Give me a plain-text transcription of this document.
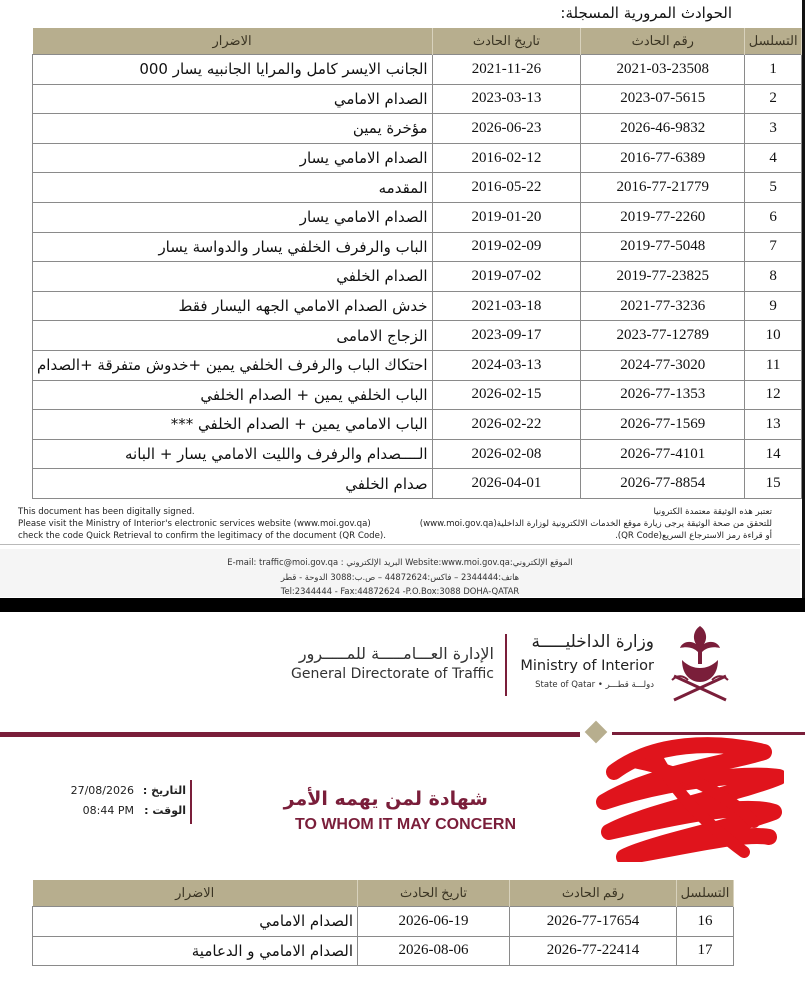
الحوادث المرورية المسجلة:
الاضرار	تاريخ الحادث	رقم الحادث	التسلسل
الجانب الايسر كامل والمرايا الجانبيه يسار 000	2021-11-26	2021-03-23508	1
الصدام الامامي	2023-03-13	2023-07-5615	2
مؤخرة يمين	2026-06-23	2026-46-9832	3
الصدام الامامي يسار	2016-02-12	2016-77-6389	4
المقدمه	2016-05-22	2016-77-21779	5
الصدام الامامي يسار	2019-01-20	2019-77-2260	6
الباب والرفرف الخلفي يسار والدواسة يسار	2019-02-09	2019-77-5048	7
الصدام الخلفي	2019-07-02	2019-77-23825	8
خدش الصدام الامامي الجهه اليسار فقط	2021-03-18	2021-77-3236	9
الزجاج الامامى	2023-09-17	2023-77-12789	10
احتكاك الباب والرفرف الخلفي يمين +خدوش متفرقة +الصدام	2024-03-13	2024-77-3020	11
الباب الخلفي يمين + الصدام الخلفي	2026-02-15	2026-77-1353	12
الباب الامامي يمين + الصدام الخلفي ***	2026-02-22	2026-77-1569	13
الــــصدام والرفرف والليت الامامي يسار + البانه	2026-02-08	2026-77-4101	14
صدام الخلفي	2026-04-01	2026-77-8854	15
This document has been digitally signed.
Please visit the Ministry of Interior's electronic services website (www.moi.gov.qa)
check the code Quick Retrieval to confirm the legitimacy of the document (QR Code).
تعتبر هذه الوثيقة معتمدة الكترونيا
للتحقق من صحة الوثيقة يرجى زيارة موقع الخدمات الالكترونية لوزارة الداخلية(www.moi.gov.qa)
أو قراءة رمز الاسترجاع السريع(QR Code).
E-mail: traffic@moi.gov.qa : البريد الإلكتروني Website:www.moi.gov.qa:الموقع الإلكتروني
هاتف:2344444 – فاكس:44872624 – ص.ب:3088 الدوحة - قطر
Tel:2344444 - Fax:44872624 -P.O.Box:3088 DOHA-QATAR
وزارة الداخليـــــة
Ministry of Interior
State of Qatar • دولـــة قطـــر
الإدارة العـــامـــــة للمـــــرور
General Directorate of Traffic
شهادة لمن يهمه الأمر
TO WHOM IT MAY CONCERN
التاريخ :
27/08/2026
الوقت :
08:44 PM
الاضرار	تاريخ الحادث	رقم الحادث	التسلسل
الصدام الامامي	2026-06-19	2026-77-17654	16
الصدام الامامي و الدعامية	2026-08-06	2026-77-22414	17
